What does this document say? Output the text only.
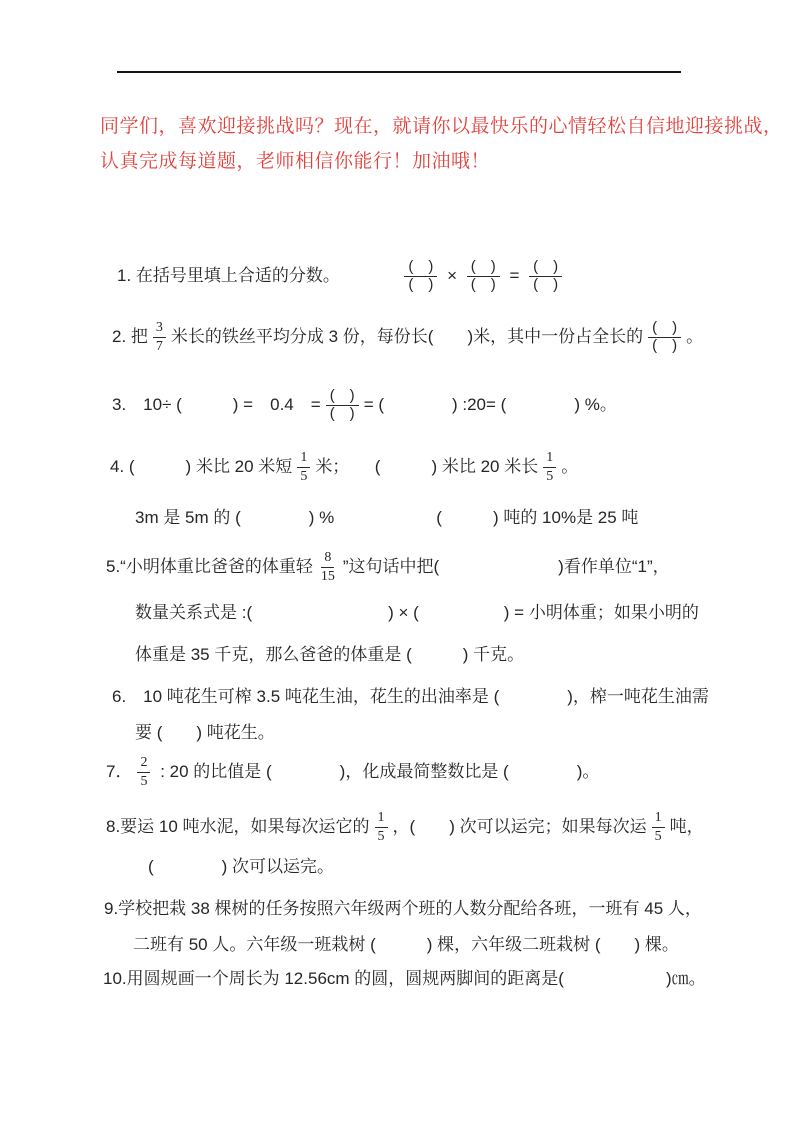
同学们，喜欢迎接挑战吗？现在，就请你以最快乐的心情轻松自信地迎接挑战，
认真完成每道题，老师相信你能行！加油哦！
1. 在括号里填上合适的分数。　　　　 $\frac{( )}{( )} \times \frac{( )}{( )} = \frac{( )}{( )}$
2. 把 $\frac{3}{7}$ 米长的铁丝平均分成 3 份，每份长(　　)米，其中一份占全长的 $\frac{( )}{( )}$ 。
3.　10÷ (　　　) =　0.4　= $\frac{( )}{( )}$ = (　　　　) :20= (　　　　) %。
4. (　　　) 米比 20 米短 $\frac{1}{5}$ 米；　　(　　　) 米比 20 米长 $\frac{1}{5}$ 。
3m 是 5m 的 (　　　　) %　　　　　　(　　　) 吨的 10%是 25 吨
5.“小明体重比爸爸的体重轻 $\frac{8}{15}$ ”这句话中把(　　　　　　　)看作单位“1”，
数量关系式是 :(　　　　　　　　) × (　　　　　) = 小明体重；如果小明的
体重是 35 千克，那么爸爸的体重是 (　　　) 千克。
6.　10 吨花生可榨 3.5 吨花生油，花生的出油率是 (　　　　)，榨一吨花生油需
要 (　　) 吨花生。
7． $\frac{2}{5}$ : 20 的比值是 (　　　　)，化成最简整数比是 (　　　　)。
8.要运 10 吨水泥，如果每次运它的 $\frac{1}{5}$ ，(　　) 次可以运完；如果每次运 $\frac{1}{5}$ 吨，
(　　　　) 次可以运完。
9.学校把栽 38 棵树的任务按照六年级两个班的人数分配给各班，一班有 45 人，
二班有 50 人。六年级一班栽树 (　　　) 棵，六年级二班栽树 (　　) 棵。
10.用圆规画一个周长为 12.56cm 的圆，圆规两脚间的距离是(　　　　　　)㎝。
